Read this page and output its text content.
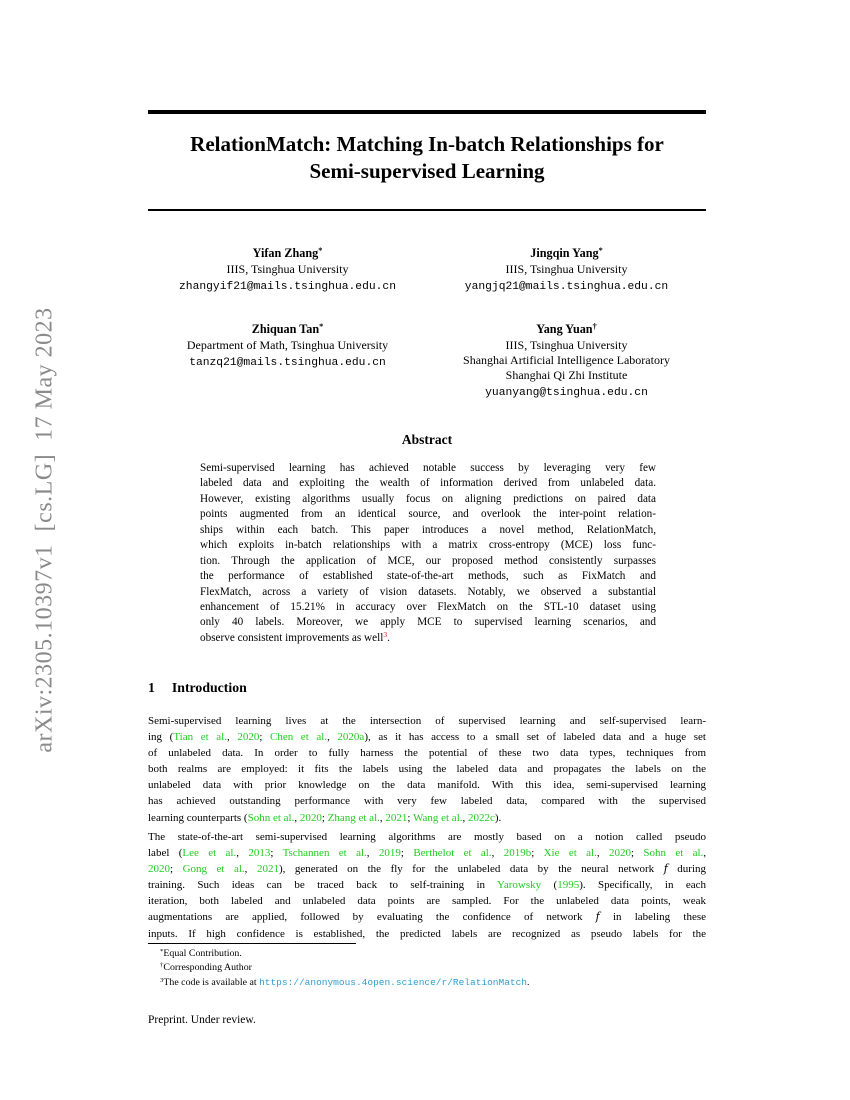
arXiv:2305.10397v1  [cs.LG]  17 May 2023
RelationMatch: Matching In-batch Relationships for
Semi-supervised Learning
Yifan Zhang*
IIIS, Tsinghua University
zhangyif21@mails.tsinghua.edu.cn
Jingqin Yang*
IIIS, Tsinghua University
yangjq21@mails.tsinghua.edu.cn
Zhiquan Tan*
Department of Math, Tsinghua University
tanzq21@mails.tsinghua.edu.cn
Yang Yuan†
IIIS, Tsinghua University
Shanghai Artificial Intelligence Laboratory
Shanghai Qi Zhi Institute
yuanyang@tsinghua.edu.cn
Abstract
Semi-supervised learning has achieved notable success by leveraging very few
labeled data and exploiting the wealth of information derived from unlabeled data.
However, existing algorithms usually focus on aligning predictions on paired data
points augmented from an identical source, and overlook the inter-point relation-
ships within each batch. This paper introduces a novel method, RelationMatch,
which exploits in-batch relationships with a matrix cross-entropy (MCE) loss func-
tion. Through the application of MCE, our proposed method consistently surpasses
the performance of established state-of-the-art methods, such as FixMatch and
FlexMatch, across a variety of vision datasets. Notably, we observed a substantial
enhancement of 15.21% in accuracy over FlexMatch on the STL-10 dataset using
only 40 labels. Moreover, we apply MCE to supervised learning scenarios, and
observe consistent improvements as well$^3$.
1 Introduction
Semi-supervised learning lives at the intersection of supervised learning and self-supervised learn-
ing (Tian et al., 2020; Chen et al., 2020a), as it has access to a small set of labeled data and a huge set
of unlabeled data. In order to fully harness the potential of these two data types, techniques from
both realms are employed: it fits the labels using the labeled data and propagates the labels on the
unlabeled data with prior knowledge on the data manifold. With this idea, semi-supervised learning
has achieved outstanding performance with very few labeled data, compared with the supervised
learning counterparts (Sohn et al., 2020; Zhang et al., 2021; Wang et al., 2022c).
The state-of-the-art semi-supervised learning algorithms are mostly based on a notion called pseudo
label (Lee et al., 2013; Tschannen et al., 2019; Berthelot et al., 2019b; Xie et al., 2020; Sohn et al.,
2020; Gong et al., 2021), generated on the fly for the unlabeled data by the neural network f during
training. Such ideas can be traced back to self-training in Yarowsky (1995). Specifically, in each
iteration, both labeled and unlabeled data points are sampled. For the unlabeled data points, weak
augmentations are applied, followed by evaluating the confidence of network f in labeling these
inputs. If high confidence is established, the predicted labels are recognized as pseudo labels for the
*Equal Contribution.
†Corresponding Author
$^3$The code is available at https://anonymous.4open.science/r/RelationMatch.
Preprint. Under review.
